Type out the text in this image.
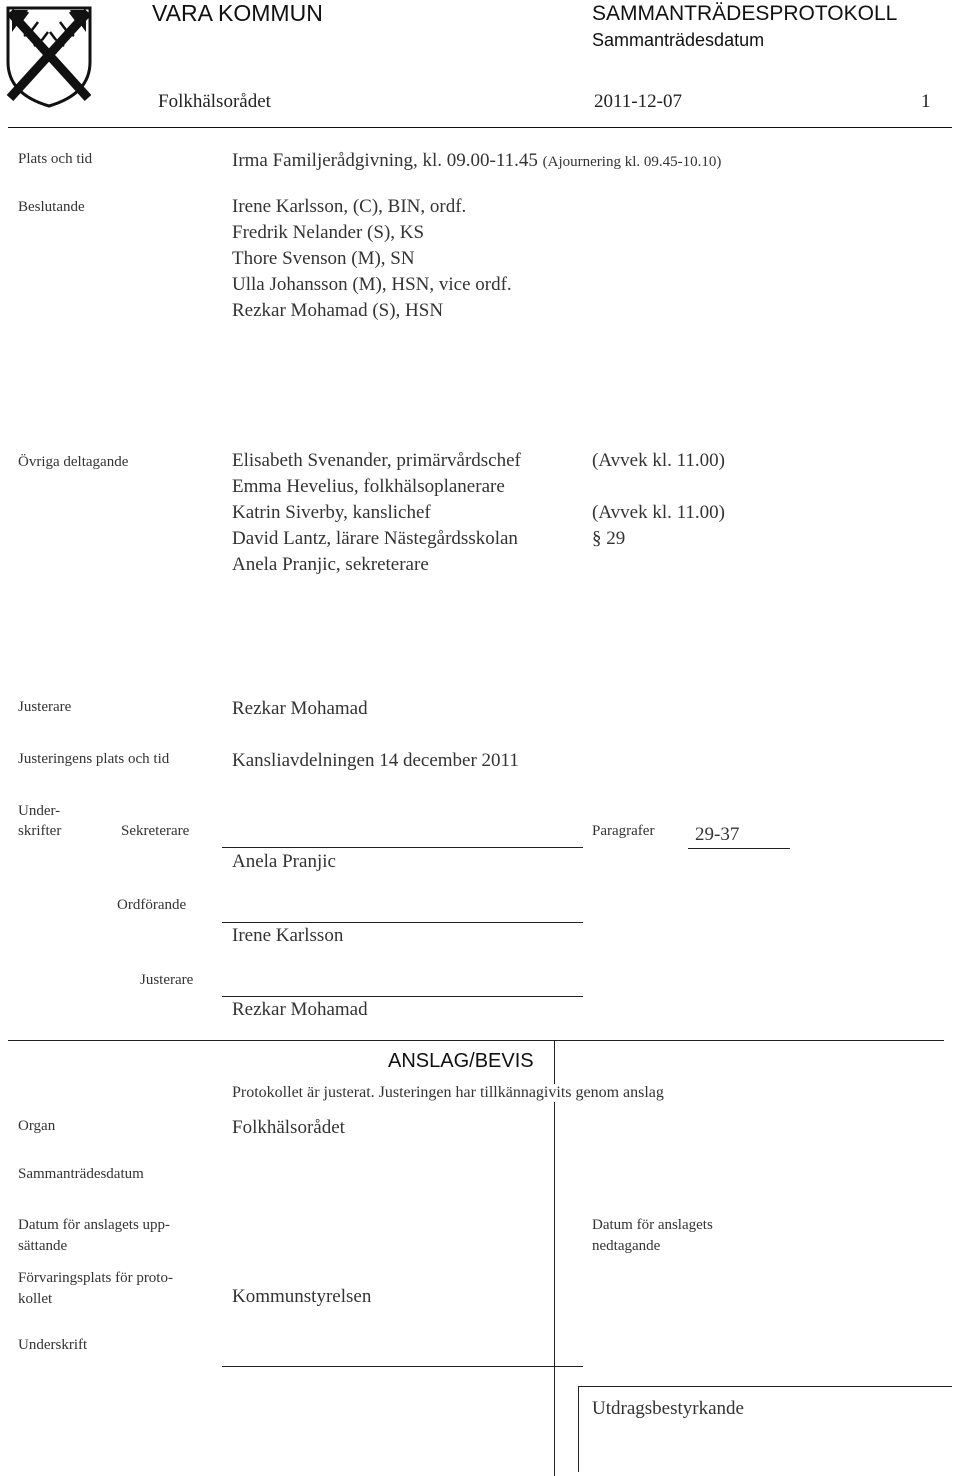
VARA KOMMUN	SAMMANTRÄDESPROTOKOLL
Sammanträdesdatum
Folkhälsorådet	2011-12-07	1
Plats och tid	Irma Familjerådgivning, kl. 09.00-11.45 (Ajournering kl. 09.45-10.10)
Beslutande	Irene Karlsson, (C), BIN, ordf.
Fredrik Nelander (S), KS
Thore Svenson (M), SN
Ulla Johansson (M), HSN, vice ordf.
Rezkar Mohamad (S), HSN
Övriga deltagande	Elisabeth Svenander, primärvårdschef	(Avvek kl. 11.00)
Emma Hevelius, folkhälsoplanerare
Katrin Siverby, kanslichef	(Avvek kl. 11.00)
David Lantz, lärare Nästegårdsskolan	§ 29
Anela Pranjic, sekreterare
Justerare	Rezkar Mohamad
Justeringens plats och tid	Kansliavdelningen 14 december 2011
Under-
skrifter	Sekreterare
Anela Pranjic
Paragrafer 29-37
Ordförande
Irene Karlsson
Justerare
Rezkar Mohamad
ANSLAG/BEVIS
Protokollet är justerat. Justeringen har tillkännagivits genom anslag
Organ	Folkhälsorådet
Sammanträdesdatum
Datum för anslagets upp-
sättande
Datum för anslagets
nedtagande
Förvaringsplats för proto-
kollet	Kommunstyrelsen
Underskrift
Utdragsbestyrkande
